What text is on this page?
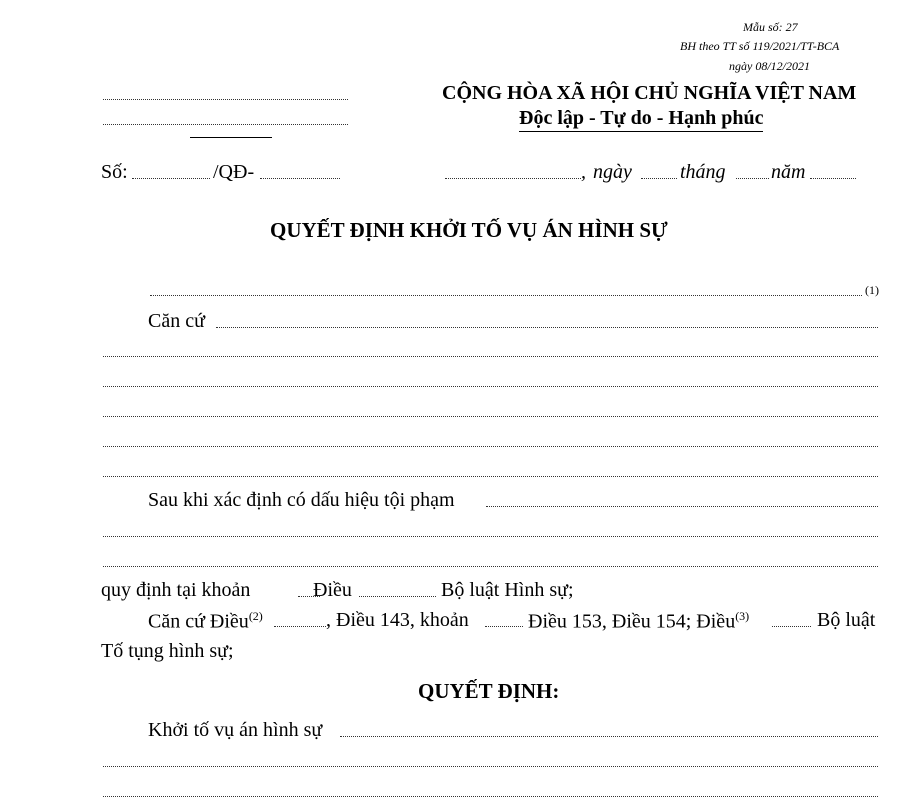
Mẫu số: 27
BH theo TT số 119/2021/TT-BCA
ngày 08/12/2021
CỘNG HÒA XÃ HỘI CHỦ NGHĨA VIỆT NAM
Độc lập - Tự do - Hạnh phúc
Số:	/QĐ-	, ngày tháng năm
QUYẾT ĐỊNH KHỞI TỐ VỤ ÁN HÌNH SỰ
(1)
Căn cứ
Sau khi xác định có dấu hiệu tội phạm
quy định tại khoản	Điều	Bộ luật Hình sự;
Căn cứ Điều$^{(2)}$	, Điều 143, khoản	Điều 153, Điều 154; Điều$^{(3)}$	Bộ luật
Tố tụng hình sự;
QUYẾT ĐỊNH:
Khởi tố vụ án hình sự
